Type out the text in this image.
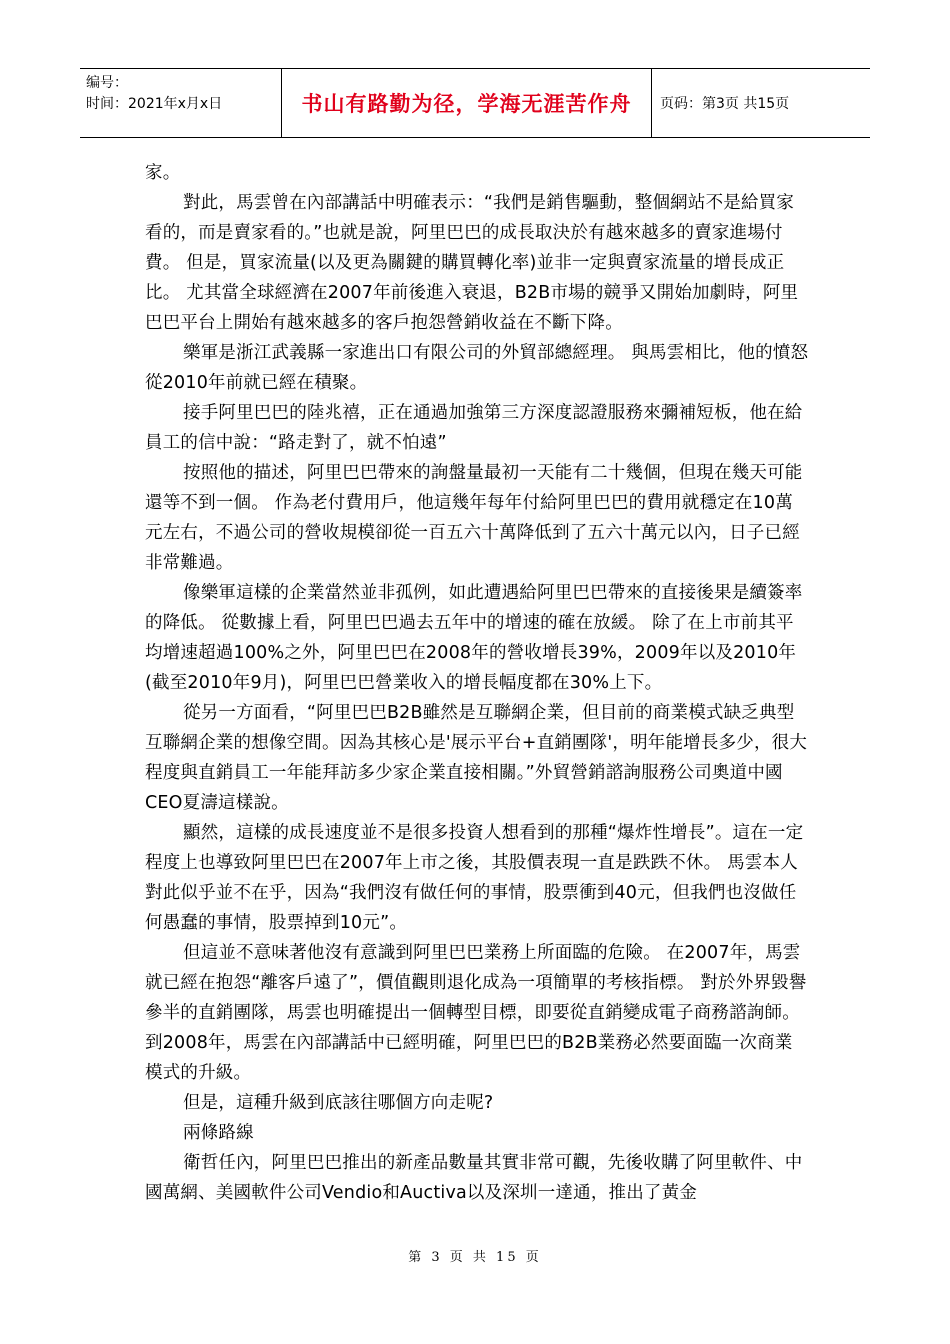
编号：
时间：2021年x月x日	书山有路勤为径，学海无涯苦作舟 页码：第3页 共15页

家。

對此，馬雲曾在內部講話中明確表示：“我們是銷售驅動，整個網站不是給買家看的，而是賣家看的。”也就是說，阿里巴巴的成長取決於有越來越多的賣家進場付費。 但是，買家流量(以及更為關鍵的購買轉化率)並非一定與賣家流量的增長成正比。 尤其當全球經濟在2007年前後進入衰退，B2B市場的競爭又開始加劇時，阿里巴巴平台上開始有越來越多的客戶抱怨營銷收益在不斷下降。

樂軍是浙江武義縣一家進出口有限公司的外貿部總經理。 與馬雲相比，他的憤怒從2010年前就已經在積聚。

接手阿里巴巴的陸兆禧，正在通過加強第三方深度認證服務來彌補短板，他在給員工的信中說：“路走對了，就不怕遠”

按照他的描述，阿里巴巴帶來的詢盤量最初一天能有二十幾個，但現在幾天可能還等不到一個。 作為老付費用戶，他這幾年每年付給阿里巴巴的費用就穩定在10萬元左右，不過公司的營收規模卻從一百五六十萬降低到了五六十萬元以內，日子已經非常難過。

像樂軍這樣的企業當然並非孤例，如此遭遇給阿里巴巴帶來的直接後果是續簽率的降低。 從數據上看，阿里巴巴過去五年中的增速的確在放緩。 除了在上市前其平均增速超過100%之外，阿里巴巴在2008年的營收增長39%，2009年以及2010年(截至2010年9月)，阿里巴巴營業收入的增長幅度都在30%上下。

從另一方面看，“阿里巴巴B2B雖然是互聯網企業，但目前的商業模式缺乏典型互聯網企業的想像空間。因為其核心是'展示平台+直銷團隊'，明年能增長多少，很大程度與直銷員工一年能拜訪多少家企業直接相關。”外貿營銷諮詢服務公司奧道中國CEO夏濤這樣說。

顯然，這樣的成長速度並不是很多投資人想看到的那種“爆炸性增長”。這在一定程度上也導致阿里巴巴在2007年上市之後，其股價表現一直是跌跌不休。 馬雲本人對此似乎並不在乎，因為“我們沒有做任何的事情，股票衝到40元，但我們也沒做任何愚蠢的事情，股票掉到10元”。

但這並不意味著他沒有意識到阿里巴巴業務上所面臨的危險。 在2007年，馬雲就已經在抱怨“離客戶遠了”，價值觀則退化成為一項簡單的考核指標。 對於外界毀譽參半的直銷團隊，馬雲也明確提出一個轉型目標，即要從直銷變成電子商務諮詢師。 到2008年，馬雲在內部講話中已經明確，阿里巴巴的B2B業務必然要面臨一次商業模式的升級。

但是，這種升級到底該往哪個方向走呢?

兩條路線

衛哲任內，阿里巴巴推出的新產品數量其實非常可觀，先後收購了阿里軟件、中國萬網、美國軟件公司Vendio和Auctiva以及深圳一達通，推出了黃金

第 3 页 共 15 页
